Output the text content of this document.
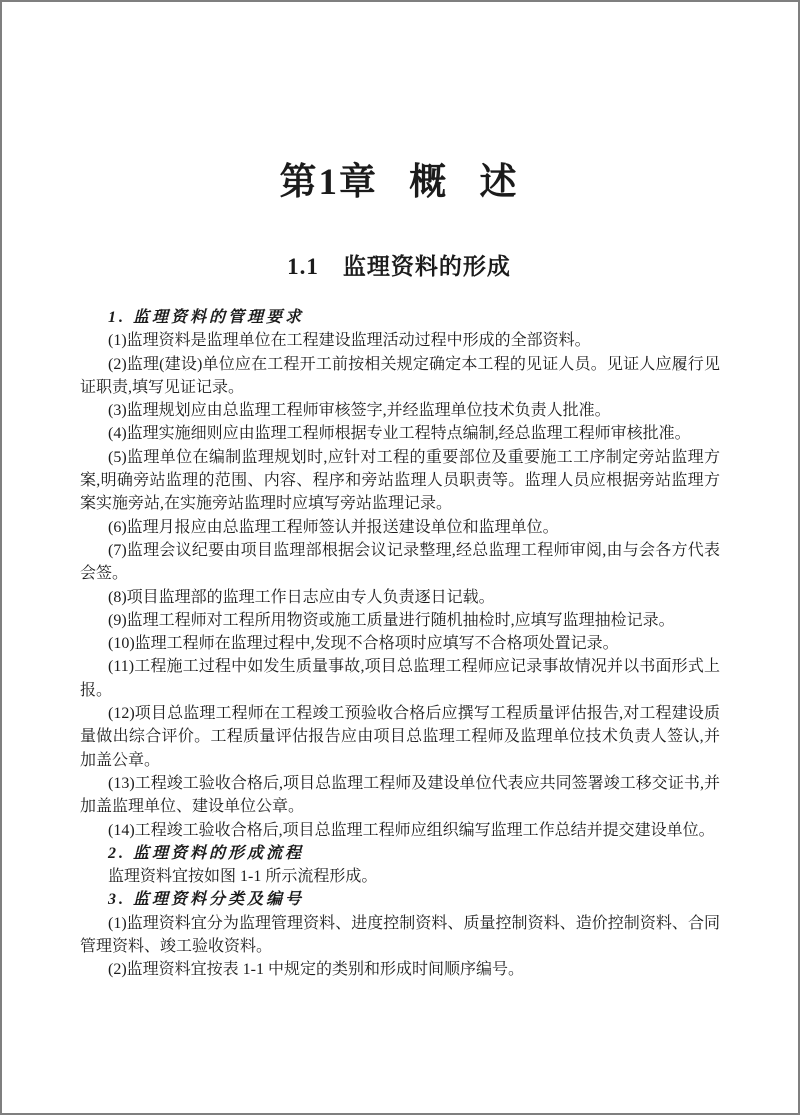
第1章 概 述
1.1　监理资料的形成

1. 监理资料的管理要求

(1)监理资料是监理单位在工程建设监理活动过程中形成的全部资料。

(2)监理(建设)单位应在工程开工前按相关规定确定本工程的见证人员。见证人应履行见证职责,填写见证记录。

(3)监理规划应由总监理工程师审核签字,并经监理单位技术负责人批准。

(4)监理实施细则应由监理工程师根据专业工程特点编制,经总监理工程师审核批准。

(5)监理单位在编制监理规划时,应针对工程的重要部位及重要施工工序制定旁站监理方案,明确旁站监理的范围、内容、程序和旁站监理人员职责等。监理人员应根据旁站监理方案实施旁站,在实施旁站监理时应填写旁站监理记录。

(6)监理月报应由总监理工程师签认并报送建设单位和监理单位。

(7)监理会议纪要由项目监理部根据会议记录整理,经总监理工程师审阅,由与会各方代表会签。

(8)项目监理部的监理工作日志应由专人负责逐日记载。

(9)监理工程师对工程所用物资或施工质量进行随机抽检时,应填写监理抽检记录。

(10)监理工程师在监理过程中,发现不合格项时应填写不合格项处置记录。

(11)工程施工过程中如发生质量事故,项目总监理工程师应记录事故情况并以书面形式上报。

(12)项目总监理工程师在工程竣工预验收合格后应撰写工程质量评估报告,对工程建设质量做出综合评价。工程质量评估报告应由项目总监理工程师及监理单位技术负责人签认,并加盖公章。

(13)工程竣工验收合格后,项目总监理工程师及建设单位代表应共同签署竣工移交证书,并加盖监理单位、建设单位公章。

(14)工程竣工验收合格后,项目总监理工程师应组织编写监理工作总结并提交建设单位。

2. 监理资料的形成流程

监理资料宜按如图 1-1 所示流程形成。

3. 监理资料分类及编号

(1)监理资料宜分为监理管理资料、进度控制资料、质量控制资料、造价控制资料、合同管理资料、竣工验收资料。

(2)监理资料宜按表 1-1 中规定的类别和形成时间顺序编号。
